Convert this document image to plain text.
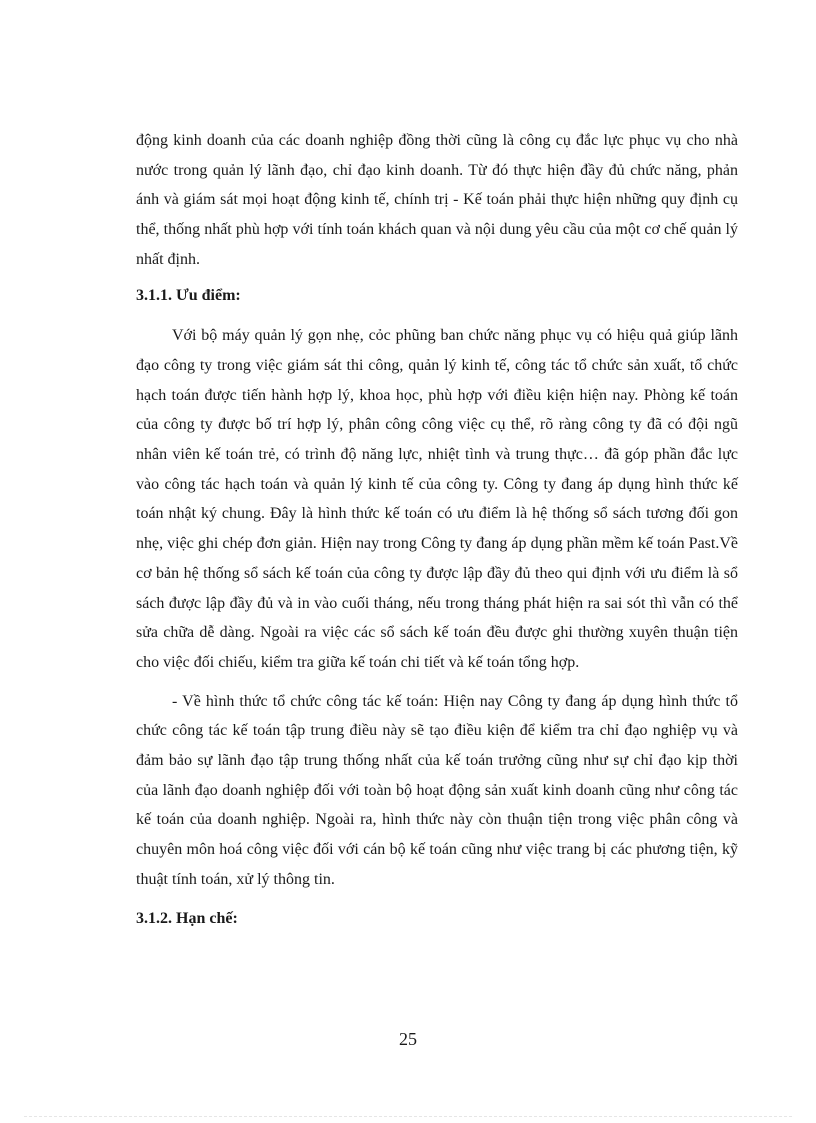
động kinh doanh của các doanh nghiệp đồng thời cũng là công cụ đắc lực phục vụ cho nhà nước trong quản lý lãnh đạo, chỉ đạo kinh doanh. Từ đó thực hiện đầy đủ chức năng, phản ánh và giám sát mọi hoạt động kinh tế, chính trị - Kế toán phải thực hiện những quy định cụ thể, thống nhất phù hợp với tính toán khách quan và nội dung yêu cầu của một cơ chế quản lý nhất định.

3.1.1. Ưu điểm:

Với bộ máy quản lý gọn nhẹ, cỏc phũng ban chức năng phục vụ có hiệu quả giúp lãnh đạo công ty trong việc giám sát thi công, quản lý kinh tế, công tác tổ chức sản xuất, tổ chức hạch toán được tiến hành hợp lý, khoa học, phù hợp với điều kiện hiện nay. Phòng kế toán của công ty được bố trí hợp lý, phân công công việc cụ thể, rõ ràng công ty đã có đội ngũ nhân viên kế toán trẻ, có trình độ năng lực, nhiệt tình và trung thực… đã góp phần đắc lực vào công tác hạch toán và quản lý kinh tế của công ty. Công ty đang áp dụng hình thức kế toán nhật ký chung. Đây là hình thức kế toán có ưu điểm là hệ thống sổ sách tương đối gon nhẹ, việc ghi chép đơn giản. Hiện nay trong Công ty đang áp dụng phần mềm kế toán Past.Về cơ bản hệ thống sổ sách kế toán của công ty được lập đầy đủ theo qui định với ưu điểm là sổ sách được lập đầy đủ và in vào cuối tháng, nếu trong tháng phát hiện ra sai sót thì vẫn có thể sửa chữa dễ dàng. Ngoài ra việc các sổ sách kế toán đều được ghi thường xuyên thuận tiện cho việc đối chiếu, kiểm tra giữa kế toán chi tiết và kế toán tổng hợp.

- Về hình thức tổ chức công tác kế toán: Hiện nay Công ty đang áp dụng hình thức tổ chức công tác kế toán tập trung điều này sẽ tạo điều kiện để kiểm tra chỉ đạo nghiệp vụ và đảm bảo sự lãnh đạo tập trung thống nhất của kế toán trưởng cũng như sự chỉ đạo kịp thời của lãnh đạo doanh nghiệp đối với toàn bộ hoạt động sản xuất kinh doanh cũng như công tác kế toán của doanh nghiệp. Ngoài ra, hình thức này còn thuận tiện trong việc phân công và chuyên môn hoá công việc đối với cán bộ kế toán cũng như việc trang bị các phương tiện, kỹ thuật tính toán, xử lý thông tin.

3.1.2. Hạn chế:
25
